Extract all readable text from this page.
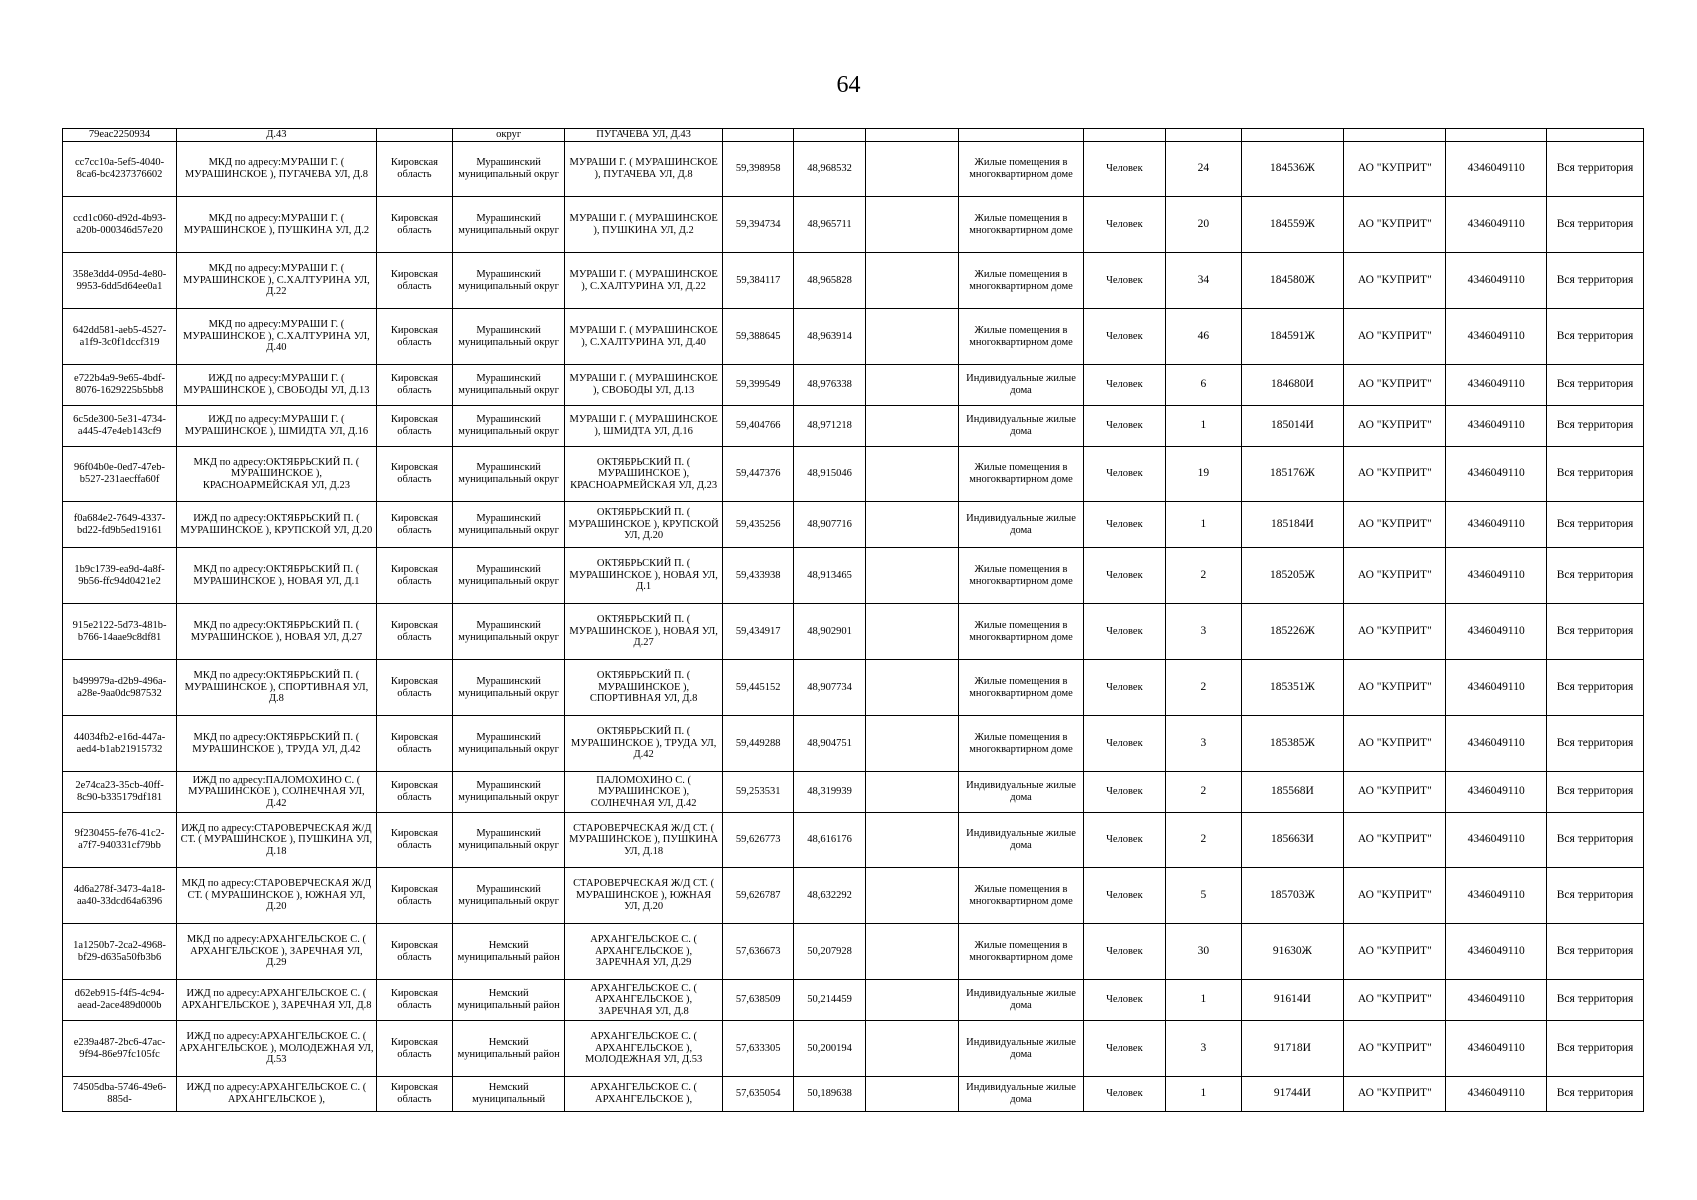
64
79eac2250934	Д.43		округ	ПУГАЧЕВА УЛ, Д.43										
cc7cc10a-5ef5-4040-8ca6-bc4237376602	МКД по адресу:МУРАШИ Г. ( МУРАШИНСКОЕ ), ПУГАЧЕВА УЛ, Д.8	Кировская область	Мурашинский муниципальный округ	МУРАШИ Г. ( МУРАШИНСКОЕ ), ПУГАЧЕВА УЛ, Д.8	59,398958	48,968532		Жилые помещения в многоквартирном доме	Человек	24	184536Ж	АО "КУПРИТ"	4346049110	Вся территория
ccd1c060-d92d-4b93-a20b-000346d57e20	МКД по адресу:МУРАШИ Г. ( МУРАШИНСКОЕ ), ПУШКИНА УЛ, Д.2	Кировская область	Мурашинский муниципальный округ	МУРАШИ Г. ( МУРАШИНСКОЕ ), ПУШКИНА УЛ, Д.2	59,394734	48,965711		Жилые помещения в многоквартирном доме	Человек	20	184559Ж	АО "КУПРИТ"	4346049110	Вся территория
358e3dd4-095d-4e80-9953-6dd5d64ee0a1	МКД по адресу:МУРАШИ Г. ( МУРАШИНСКОЕ ), С.ХАЛТУРИНА УЛ, Д.22	Кировская область	Мурашинский муниципальный округ	МУРАШИ Г. ( МУРАШИНСКОЕ ), С.ХАЛТУРИНА УЛ, Д.22	59,384117	48,965828		Жилые помещения в многоквартирном доме	Человек	34	184580Ж	АО "КУПРИТ"	4346049110	Вся территория
642dd581-aeb5-4527-a1f9-3c0f1dccf319	МКД по адресу:МУРАШИ Г. ( МУРАШИНСКОЕ ), С.ХАЛТУРИНА УЛ, Д.40	Кировская область	Мурашинский муниципальный округ	МУРАШИ Г. ( МУРАШИНСКОЕ ), С.ХАЛТУРИНА УЛ, Д.40	59,388645	48,963914		Жилые помещения в многоквартирном доме	Человек	46	184591Ж	АО "КУПРИТ"	4346049110	Вся территория
e722b4a9-9e65-4bdf-8076-1629225b5bb8	ИЖД по адресу:МУРАШИ Г. ( МУРАШИНСКОЕ ), СВОБОДЫ УЛ, Д.13	Кировская область	Мурашинский муниципальный округ	МУРАШИ Г. ( МУРАШИНСКОЕ ), СВОБОДЫ УЛ, Д.13	59,399549	48,976338		Индивидуальные жилые дома	Человек	6	184680И	АО "КУПРИТ"	4346049110	Вся территория
6c5de300-5e31-4734-a445-47e4eb143cf9	ИЖД по адресу:МУРАШИ Г. ( МУРАШИНСКОЕ ), ШМИДТА УЛ, Д.16	Кировская область	Мурашинский муниципальный округ	МУРАШИ Г. ( МУРАШИНСКОЕ ), ШМИДТА УЛ, Д.16	59,404766	48,971218		Индивидуальные жилые дома	Человек	1	185014И	АО "КУПРИТ"	4346049110	Вся территория
96f04b0e-0ed7-47eb-b527-231aecffa60f	МКД по адресу:ОКТЯБРЬСКИЙ П. ( МУРАШИНСКОЕ ), КРАСНОАРМЕЙСКАЯ УЛ, Д.23	Кировская область	Мурашинский муниципальный округ	ОКТЯБРЬСКИЙ П. ( МУРАШИНСКОЕ ), КРАСНОАРМЕЙСКАЯ УЛ, Д.23	59,447376	48,915046		Жилые помещения в многоквартирном доме	Человек	19	185176Ж	АО "КУПРИТ"	4346049110	Вся территория
f0a684e2-7649-4337-bd22-fd9b5ed19161	ИЖД по адресу:ОКТЯБРЬСКИЙ П. ( МУРАШИНСКОЕ ), КРУПСКОЙ УЛ, Д.20	Кировская область	Мурашинский муниципальный округ	ОКТЯБРЬСКИЙ П. ( МУРАШИНСКОЕ ), КРУПСКОЙ УЛ, Д.20	59,435256	48,907716		Индивидуальные жилые дома	Человек	1	185184И	АО "КУПРИТ"	4346049110	Вся территория
1b9c1739-ea9d-4a8f-9b56-ffc94d0421e2	МКД по адресу:ОКТЯБРЬСКИЙ П. ( МУРАШИНСКОЕ ), НОВАЯ УЛ, Д.1	Кировская область	Мурашинский муниципальный округ	ОКТЯБРЬСКИЙ П. ( МУРАШИНСКОЕ ), НОВАЯ УЛ, Д.1	59,433938	48,913465		Жилые помещения в многоквартирном доме	Человек	2	185205Ж	АО "КУПРИТ"	4346049110	Вся территория
915e2122-5d73-481b-b766-14aae9c8df81	МКД по адресу:ОКТЯБРЬСКИЙ П. ( МУРАШИНСКОЕ ), НОВАЯ УЛ, Д.27	Кировская область	Мурашинский муниципальный округ	ОКТЯБРЬСКИЙ П. ( МУРАШИНСКОЕ ), НОВАЯ УЛ, Д.27	59,434917	48,902901		Жилые помещения в многоквартирном доме	Человек	3	185226Ж	АО "КУПРИТ"	4346049110	Вся территория
b499979a-d2b9-496a-a28e-9aa0dc987532	МКД по адресу:ОКТЯБРЬСКИЙ П. ( МУРАШИНСКОЕ ), СПОРТИВНАЯ УЛ, Д.8	Кировская область	Мурашинский муниципальный округ	ОКТЯБРЬСКИЙ П. ( МУРАШИНСКОЕ ), СПОРТИВНАЯ УЛ, Д.8	59,445152	48,907734		Жилые помещения в многоквартирном доме	Человек	2	185351Ж	АО "КУПРИТ"	4346049110	Вся территория
44034fb2-e16d-447a-aed4-b1ab21915732	МКД по адресу:ОКТЯБРЬСКИЙ П. ( МУРАШИНСКОЕ ), ТРУДА УЛ, Д.42	Кировская область	Мурашинский муниципальный округ	ОКТЯБРЬСКИЙ П. ( МУРАШИНСКОЕ ), ТРУДА УЛ, Д.42	59,449288	48,904751		Жилые помещения в многоквартирном доме	Человек	3	185385Ж	АО "КУПРИТ"	4346049110	Вся территория
2e74ca23-35cb-40ff-8c90-b335179df181	ИЖД по адресу:ПАЛОМОХИНО С. ( МУРАШИНСКОЕ ), СОЛНЕЧНАЯ УЛ, Д.42	Кировская область	Мурашинский муниципальный округ	ПАЛОМОХИНО С. ( МУРАШИНСКОЕ ), СОЛНЕЧНАЯ УЛ, Д.42	59,253531	48,319939		Индивидуальные жилые дома	Человек	2	185568И	АО "КУПРИТ"	4346049110	Вся территория
9f230455-fe76-41c2-a7f7-940331cf79bb	ИЖД по адресу:СТАРОВЕРЧЕСКАЯ Ж/Д СТ. ( МУРАШИНСКОЕ ), ПУШКИНА УЛ, Д.18	Кировская область	Мурашинский муниципальный округ	СТАРОВЕРЧЕСКАЯ Ж/Д СТ. ( МУРАШИНСКОЕ ), ПУШКИНА УЛ, Д.18	59,626773	48,616176		Индивидуальные жилые дома	Человек	2	185663И	АО "КУПРИТ"	4346049110	Вся территория
4d6a278f-3473-4a18-aa40-33dcd64a6396	МКД по адресу:СТАРОВЕРЧЕСКАЯ Ж/Д СТ. ( МУРАШИНСКОЕ ), ЮЖНАЯ УЛ, Д.20	Кировская область	Мурашинский муниципальный округ	СТАРОВЕРЧЕСКАЯ Ж/Д СТ. ( МУРАШИНСКОЕ ), ЮЖНАЯ УЛ, Д.20	59,626787	48,632292		Жилые помещения в многоквартирном доме	Человек	5	185703Ж	АО "КУПРИТ"	4346049110	Вся территория
1a1250b7-2ca2-4968-bf29-d635a50fb3b6	МКД по адресу:АРХАНГЕЛЬСКОЕ С. ( АРХАНГЕЛЬСКОЕ ), ЗАРЕЧНАЯ УЛ, Д.29	Кировская область	Немский муниципальный район	АРХАНГЕЛЬСКОЕ С. ( АРХАНГЕЛЬСКОЕ ), ЗАРЕЧНАЯ УЛ, Д.29	57,636673	50,207928		Жилые помещения в многоквартирном доме	Человек	30	91630Ж	АО "КУПРИТ"	4346049110	Вся территория
d62eb915-f4f5-4c94-aead-2ace489d000b	ИЖД по адресу:АРХАНГЕЛЬСКОЕ С. ( АРХАНГЕЛЬСКОЕ ), ЗАРЕЧНАЯ УЛ, Д.8	Кировская область	Немский муниципальный район	АРХАНГЕЛЬСКОЕ С. ( АРХАНГЕЛЬСКОЕ ), ЗАРЕЧНАЯ УЛ, Д.8	57,638509	50,214459		Индивидуальные жилые дома	Человек	1	91614И	АО "КУПРИТ"	4346049110	Вся территория
e239a487-2bc6-47ac-9f94-86e97fc105fc	ИЖД по адресу:АРХАНГЕЛЬСКОЕ С. ( АРХАНГЕЛЬСКОЕ ), МОЛОДЕЖНАЯ УЛ, Д.53	Кировская область	Немский муниципальный район	АРХАНГЕЛЬСКОЕ С. ( АРХАНГЕЛЬСКОЕ ), МОЛОДЕЖНАЯ УЛ, Д.53	57,633305	50,200194		Индивидуальные жилые дома	Человек	3	91718И	АО "КУПРИТ"	4346049110	Вся территория
74505dba-5746-49e6-885d-	ИЖД по адресу:АРХАНГЕЛЬСКОЕ С. ( АРХАНГЕЛЬСКОЕ ),	Кировская область	Немский муниципальный	АРХАНГЕЛЬСКОЕ С. ( АРХАНГЕЛЬСКОЕ ),	57,635054	50,189638		Индивидуальные жилые дома	Человек	1	91744И	АО "КУПРИТ"	4346049110	Вся территория
